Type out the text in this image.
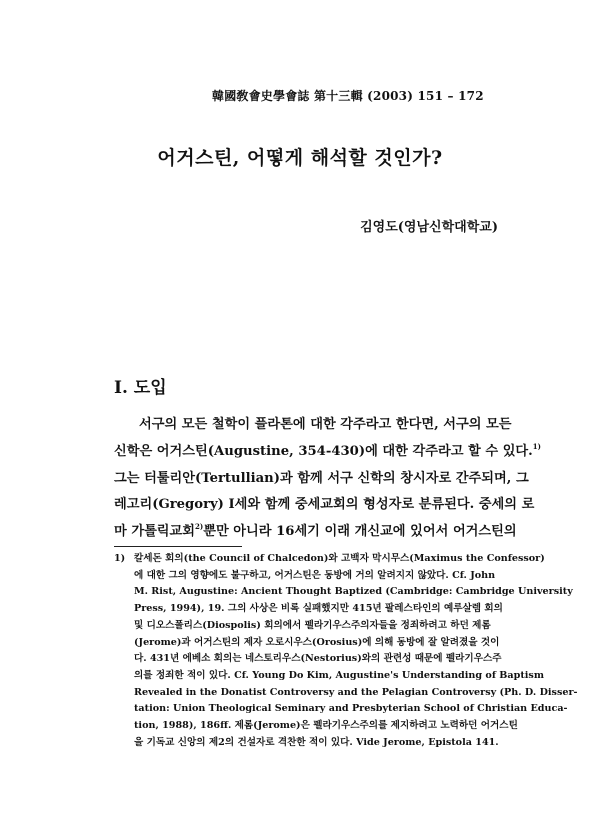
韓國敎會史學會誌 第十三輯 (2003) 151 – 172
어거스틴, 어떻게 해석할 것인가?
김영도(영남신학대학교)
I. 도입
서구의 모든 철학이 플라톤에 대한 각주라고 한다면, 서구의 모든
신학은 어거스틴(Augustine, 354-430)에 대한 각주라고 할 수 있다.$^{1)}$
그는 터툴리안(Tertullian)과 함께 서구 신학의 창시자로 간주되며, 그
레고리(Gregory) I세와 함께 중세교회의 형성자로 분류된다. 중세의 로
마 가톨릭교회$^{2)}$뿐만 아니라 16세기 이래 개신교에 있어서 어거스틴의
1) 칼세돈 회의(the Council of Chalcedon)와 고백자 막시무스(Maximus the Confessor)
에 대한 그의 영향에도 불구하고, 어거스틴은 동방에 거의 알려지지 않았다. Cf. John
M. Rist, Augustine: Ancient Thought Baptized (Cambridge: Cambridge University
Press, 1994), 19. 그의 사상은 비록 실패했지만 415년 팔레스타인의 예루살렘 회의
및 디오스폴리스(Diospolis) 회의에서 펠라기우스주의자들을 정죄하려고 하던 제롬
(Jerome)과 어거스틴의 제자 오로시우스(Orosius)에 의해 동방에 잘 알려졌을 것이
다. 431년 에베소 회의는 네스토리우스(Nestorius)와의 관련성 때문에 펠라기우스주
의를 정죄한 적이 있다. Cf. Young Do Kim, Augustine's Understanding of Baptism
Revealed in the Donatist Controversy and the Pelagian Controversy (Ph. D. Disser-
tation: Union Theological Seminary and Presbyterian School of Christian Educa-
tion, 1988), 186ff. 제롬(Jerome)은 펠라기우스주의를 제지하려고 노력하던 어거스틴
을 기독교 신앙의 제2의 건설자로 격찬한 적이 있다. Vide Jerome, Epistola 141.
